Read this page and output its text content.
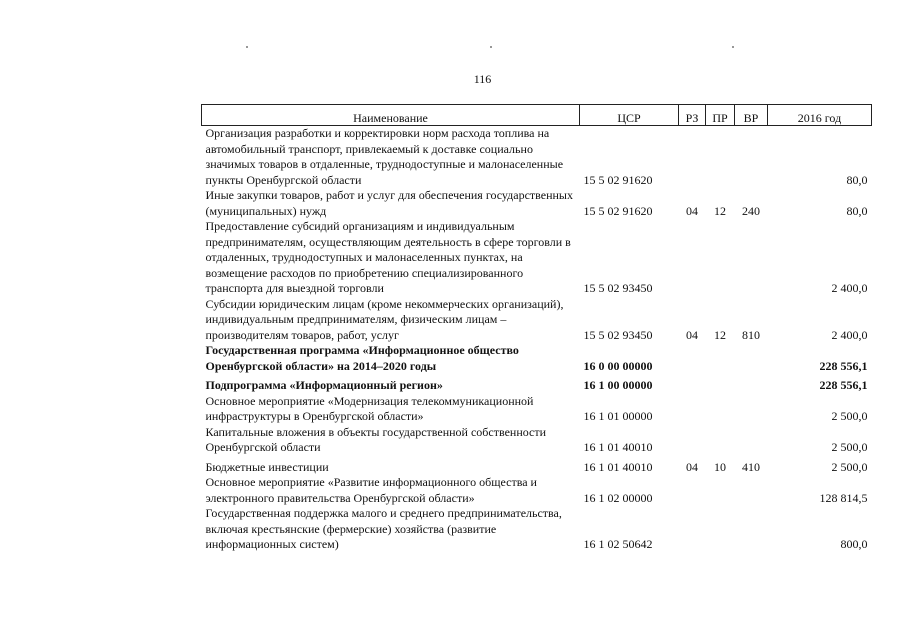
116
Наименование	ЦСР	РЗ	ПР	ВР	2016 год
Организация разработки и корректировки норм расхода топлива на автомобильный транспорт, привлекаемый к доставке социально значимых товаров в отдаленные, труднодоступные и малонаселенные пункты Оренбургской области	15 5 02 91620				80,0
Иные закупки товаров, работ и услуг для обеспечения государственных (муниципальных) нужд	15 5 02 91620	04	12	240	80,0
Предоставление субсидий организациям и индивидуальным предпринимателям, осуществляющим деятельность в сфере торговли в отдаленных, труднодоступных и малонаселенных пунктах, на возмещение расходов по приобретению специализированного транспорта для выездной торговли	15 5 02 93450				2 400,0
Субсидии юридическим лицам (кроме некоммерческих организаций), индивидуальным предпринимателям, физическим лицам – производителям товаров, работ, услуг	15 5 02 93450	04	12	810	2 400,0
Государственная программа «Информационное общество Оренбургской области» на 2014–2020 годы	16 0 00 00000				228 556,1
Подпрограмма «Информационный регион»	16 1 00 00000				228 556,1
Основное мероприятие «Модернизация телекоммуникационной инфраструктуры в Оренбургской области»	16 1 01 00000				2 500,0
Капитальные вложения в объекты государственной собственности Оренбургской области	16 1 01 40010				2 500,0
Бюджетные инвестиции	16 1 01 40010	04	10	410	2 500,0
Основное мероприятие «Развитие информационного общества и электронного правительства Оренбургской области»	16 1 02 00000				128 814,5
Государственная поддержка малого и среднего предпринимательства, включая крестьянские (фермерские) хозяйства (развитие информационных систем)	16 1 02 50642				800,0
